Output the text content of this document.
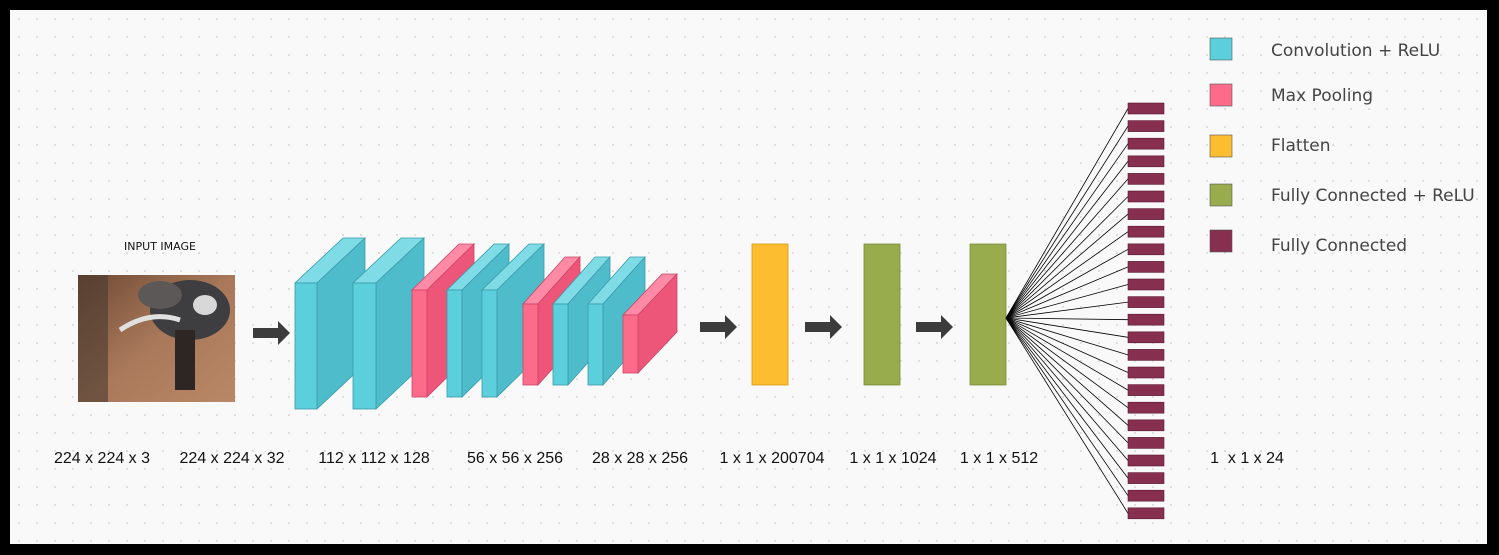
INPUT IMAGE
224 x 224 x 3 224 x 224 x 32 112 x 112 x 128 56 x 56 x 256 28 x 28 x 256 1 x 1 x 200704 1 x 1 x 1024 1 x 1 x 512	1  x 1 x 24
Convolution + ReLU
Max Pooling
Flatten
Fully Connected + ReLU
Fully Connected
